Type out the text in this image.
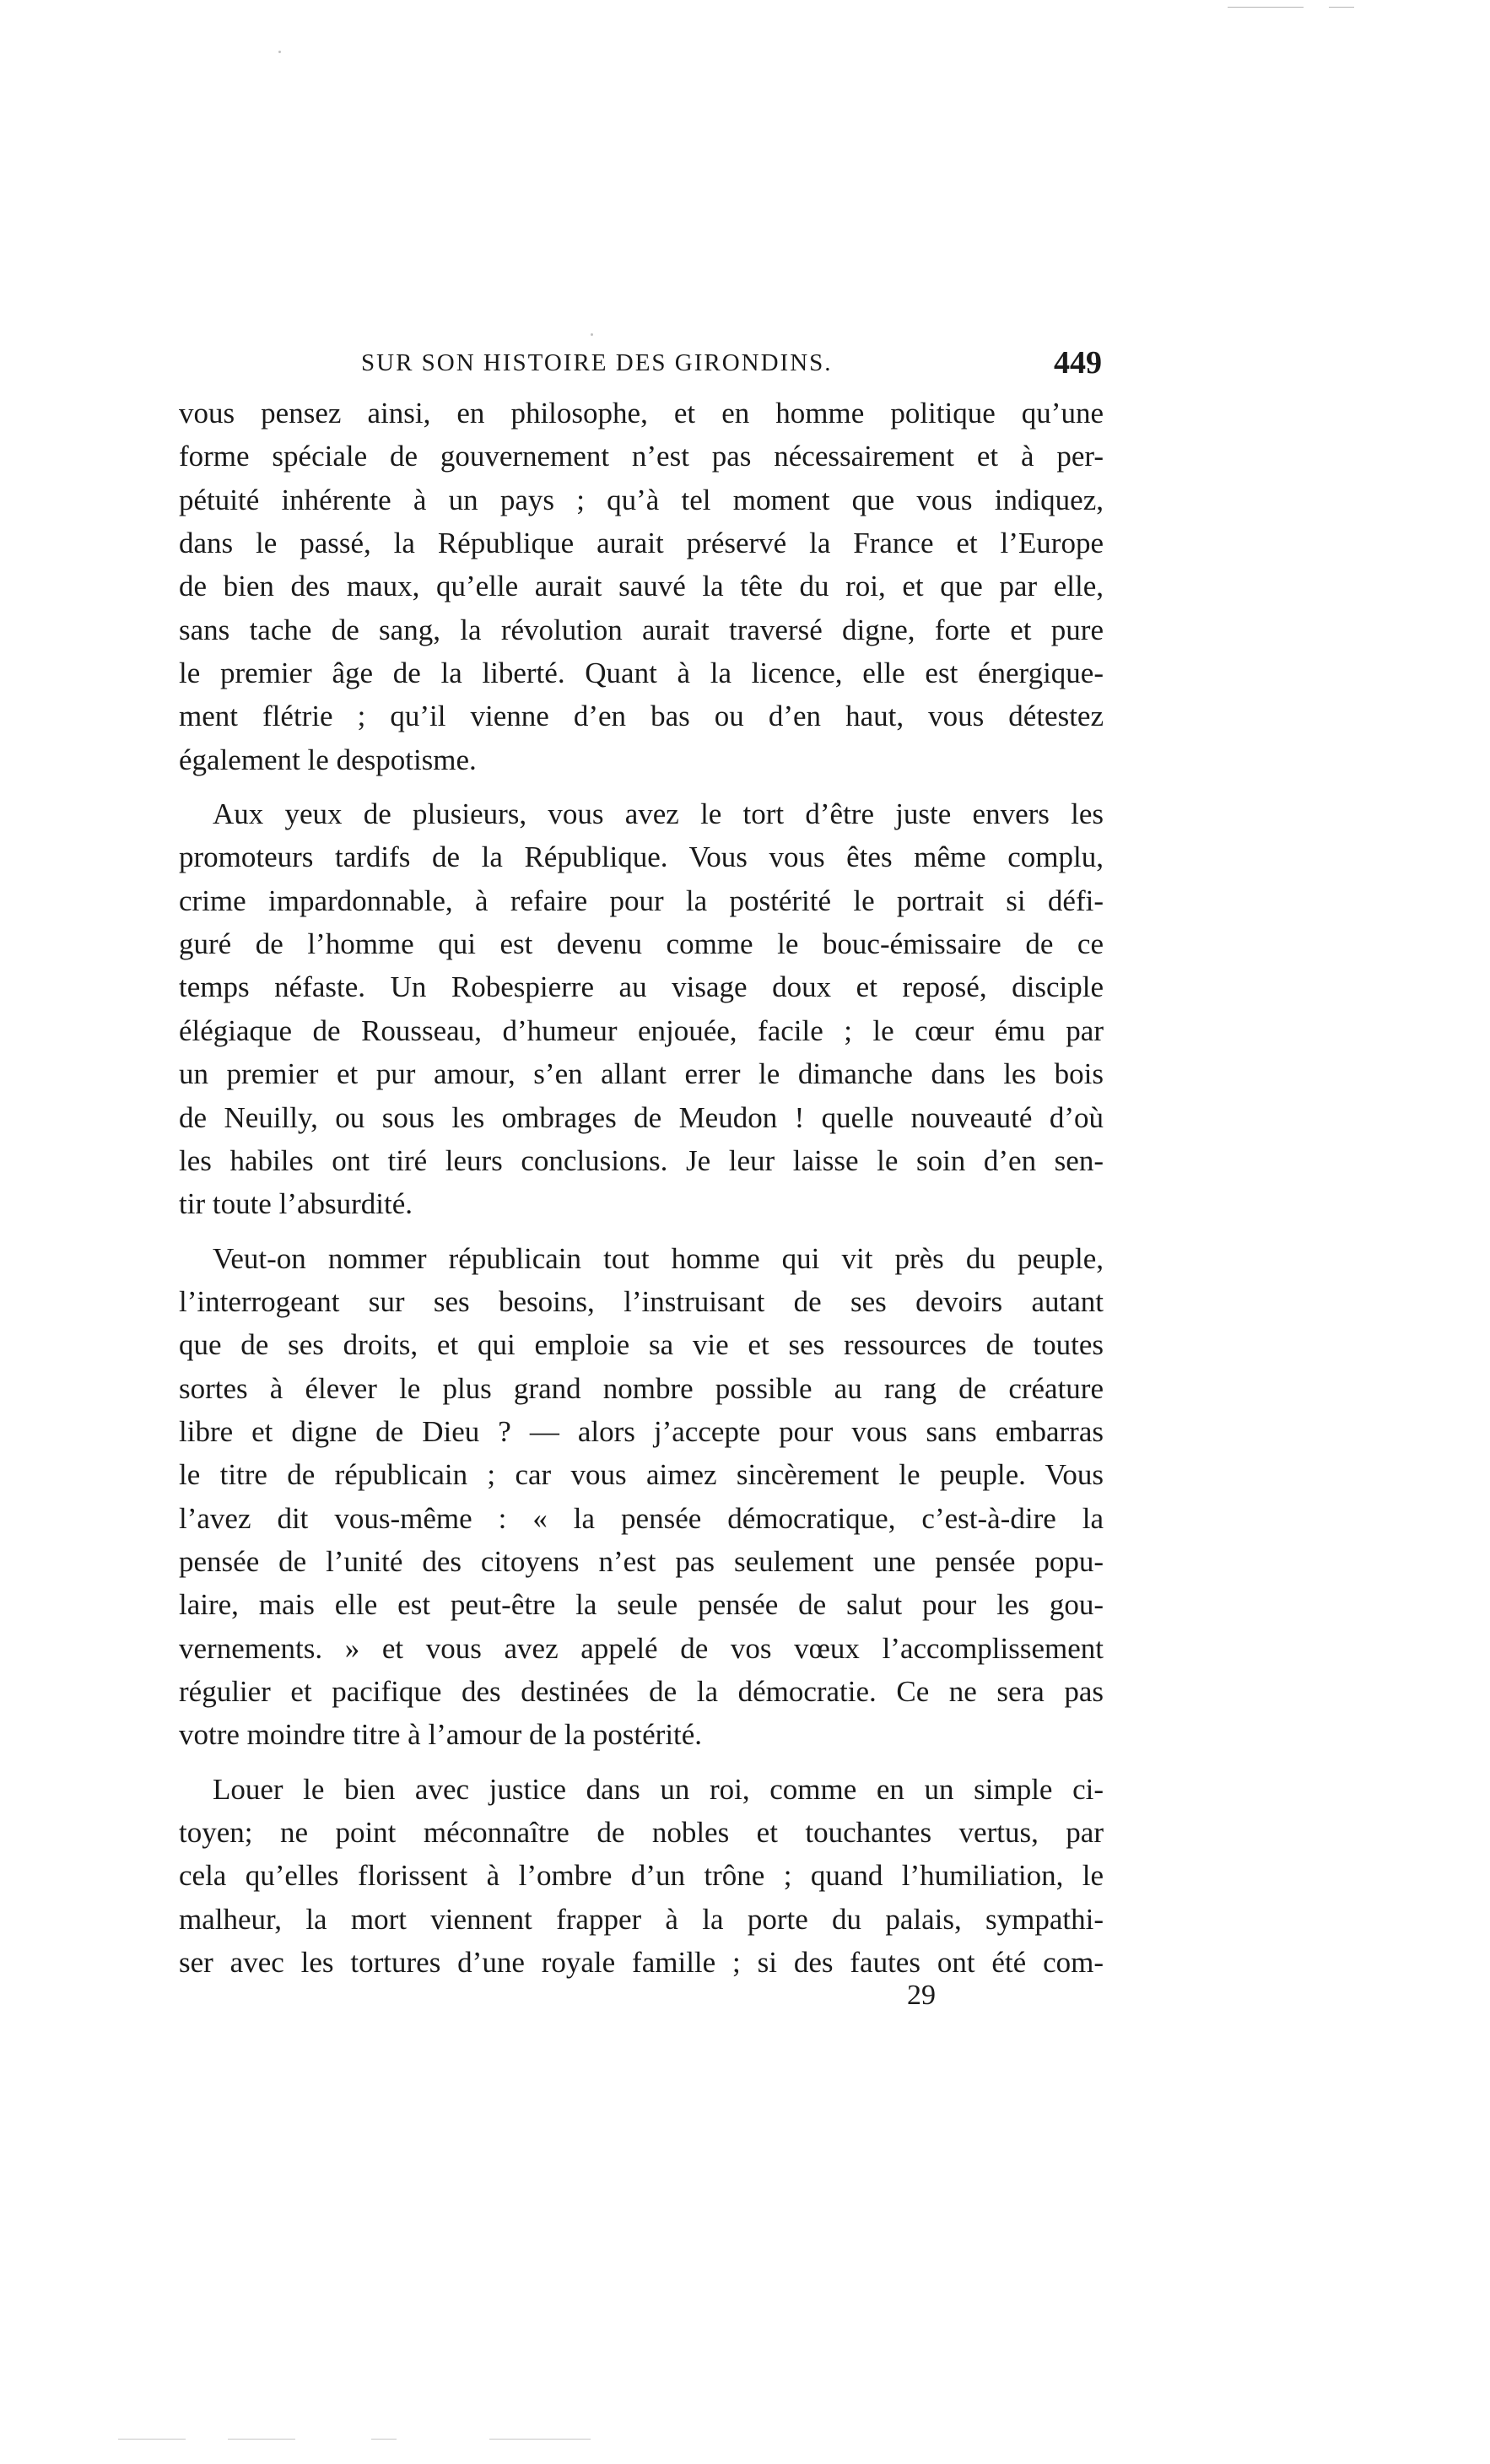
SUR SON HISTOIRE DES GIRONDINS.	449
vous pensez ainsi, en philosophe, et en homme politique qu’une
forme spéciale de gouvernement n’est pas nécessairement et à per-
pétuité inhérente à un pays ; qu’à tel moment que vous indiquez,
dans le passé, la République aurait préservé la France et l’Europe
de bien des maux, qu’elle aurait sauvé la tête du roi, et que par elle,
sans tache de sang, la révolution aurait traversé digne, forte et pure
le premier âge de la liberté. Quant à la licence, elle est énergique-
ment flétrie ; qu’il vienne d’en bas ou d’en haut, vous détestez
également le despotisme.
Aux yeux de plusieurs, vous avez le tort d’être juste envers les
promoteurs tardifs de la République. Vous vous êtes même complu,
crime impardonnable, à refaire pour la postérité le portrait si défi-
guré de l’homme qui est devenu comme le bouc-émissaire de ce
temps néfaste. Un Robespierre au visage doux et reposé, disciple
élégiaque de Rousseau, d’humeur enjouée, facile ; le cœur ému par
un premier et pur amour, s’en allant errer le dimanche dans les bois
de Neuilly, ou sous les ombrages de Meudon ! quelle nouveauté d’où
les habiles ont tiré leurs conclusions. Je leur laisse le soin d’en sen-
tir toute l’absurdité.
Veut-on nommer républicain tout homme qui vit près du peuple,
l’interrogeant sur ses besoins, l’instruisant de ses devoirs autant
que de ses droits, et qui emploie sa vie et ses ressources de toutes
sortes à élever le plus grand nombre possible au rang de créature
libre et digne de Dieu ? — alors j’accepte pour vous sans embarras
le titre de républicain ; car vous aimez sincèrement le peuple. Vous
l’avez dit vous-même : « la pensée démocratique, c’est-à-dire la
pensée de l’unité des citoyens n’est pas seulement une pensée popu-
laire, mais elle est peut-être la seule pensée de salut pour les gou-
vernements. » et vous avez appelé de vos vœux l’accomplissement
régulier et pacifique des destinées de la démocratie. Ce ne sera pas
votre moindre titre à l’amour de la postérité.
Louer le bien avec justice dans un roi, comme en un simple ci-
toyen; ne point méconnaître de nobles et touchantes vertus, par
cela qu’elles florissent à l’ombre d’un trône ; quand l’humiliation, le
malheur, la mort viennent frapper à la porte du palais, sympathi-
ser avec les tortures d’une royale famille ; si des fautes ont été com-
29
